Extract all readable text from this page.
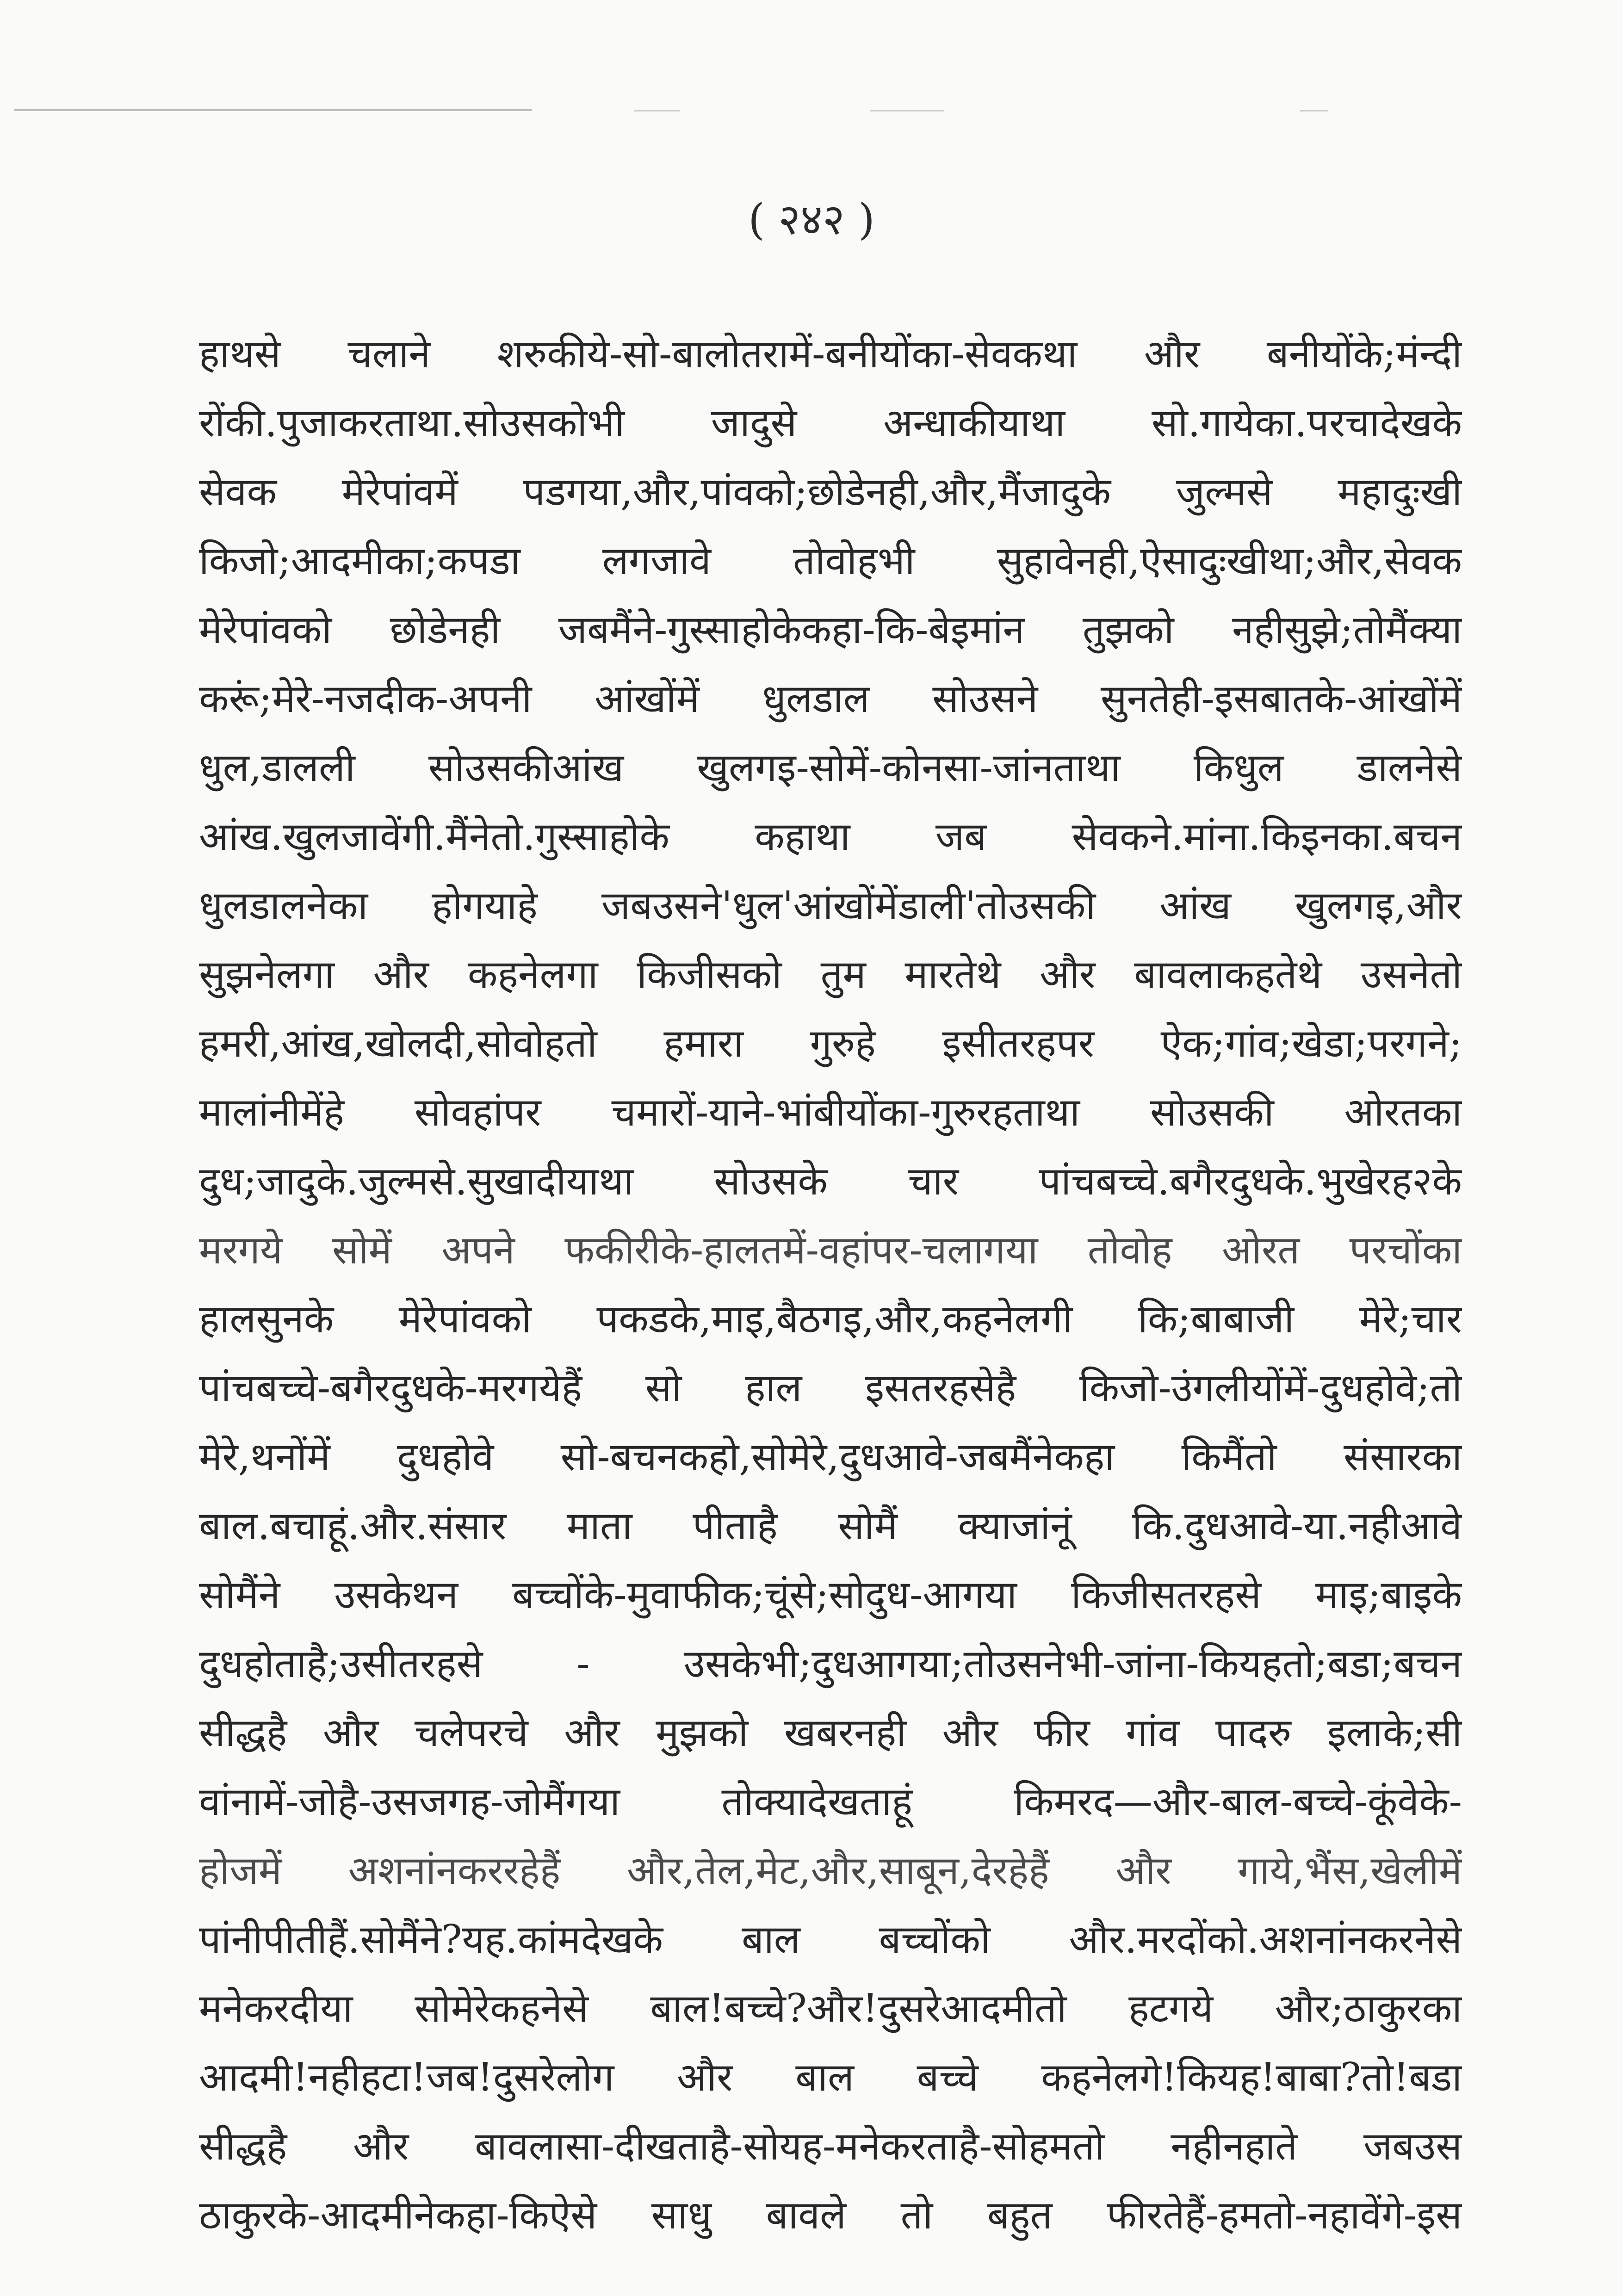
( २४२ )
हाथसे चलाने शरुकीये-सो-बालोतरामें-बनीयोंका-सेवकथा और बनीयोंके;मंन्दी
रोंकी.पुजाकरताथा.सोउसकोभी जादुसे अन्धाकीयाथा सो.गायेका.परचादेखके
सेवक मेरेपांवमें पडगया,और,पांवको;छोडेनही,और,मैंजादुके जुल्मसे महादुःखी
किजो;आदमीका;कपडा लगजावे तोवोहभी सुहावेनही,ऐसादुःखीथा;और,सेवक
मेरेपांवको छोडेनही जबमैंने-गुस्साहोकेकहा-कि-बेइमांन तुझको नहीसुझे;तोमैंक्या
करूं;मेरे-नजदीक-अपनी आंखोंमें धुलडाल सोउसने सुनतेही-इसबातके-आंखोंमें
धुल,डालली सोउसकीआंख खुलगइ-सोमें-कोनसा-जांनताथा किधुल डालनेसे
आंख.खुलजावेंगी.मैंनेतो.गुस्साहोके कहाथा जब सेवकने.मांना.किइनका.बचन
धुलडालनेका होगयाहे जबउसने'धुल'आंखोंमेंडाली'तोउसकी आंख खुलगइ,और
सुझनेलगा और कहनेलगा किजीसको तुम मारतेथे और बावलाकहतेथे उसनेतो
हमरी,आंख,खोलदी,सोवोहतो हमारा गुरुहे इसीतरहपर ऐक;गांव;खेडा;परगने;
मालांनीमेंहे सोवहांपर चमारों-याने-भांबीयोंका-गुरुरहताथा सोउसकी ओरतका
दुध;जादुके.जुल्मसे.सुखादीयाथा सोउसके चार पांचबच्चे.बगैरदुधके.भुखेरह२के
मरगये सोमें अपने फकीरीके-हालतमें-वहांपर-चलागया तोवोह ओरत परचोंका
हालसुनके मेरेपांवको पकडके,माइ,बैठगइ,और,कहनेलगी कि;बाबाजी मेरे;चार
पांचबच्चे-बगैरदुधके-मरगयेहैं सो हाल इसतरहसेहै किजो-उंगलीयोंमें-दुधहोवे;तो
मेरे,थनोंमें दुधहोवे सो-बचनकहो,सोमेरे,दुधआवे-जबमैंनेकहा किमैंतो संसारका
बाल.बचाहूं.और.संसार माता पीताहै सोमैं क्याजांनूं कि.दुधआवे-या.नहीआवे
सोमैंने उसकेथन बच्चोंके-मुवाफीक;चूंसे;सोदुध-आगया किजीसतरहसे माइ;बाइके
दुधहोताहै;उसीतरहसे - उसकेभी;दुधआगया;तोउसनेभी-जांना-कियहतो;बडा;बचन
सीद्धहै और चलेपरचे और मुझको खबरनही और फीर गांव पादरु इलाके;सी
वांनामें-जोहै-उसजगह-जोमैंगया तोक्यादेखताहूं किमरद—और-बाल-बच्चे-कूंवेके-
होजमें अशनांनकररहेहैं और,तेल,मेट,और,साबून,देरहेहैं और गाये,भैंस,खेलीमें
पांनीपीतीहैं.सोमैंने?यह.कांमदेखके बाल बच्चोंको और.मरदोंको.अशनांनकरनेसे
मनेकरदीया सोमेरेकहनेसे बाल!बच्चे?और!दुसरेआदमीतो हटगये और;ठाकुरका
आदमी!नहीहटा!जब!दुसरेलोग और बाल बच्चे कहनेलगे!कियह!बाबा?तो!बडा
सीद्धहै और बावलासा-दीखताहै-सोयह-मनेकरताहै-सोहमतो नहीनहाते जबउस
ठाकुरके-आदमीनेकहा-किऐसे साधु बावले तो बहुत फीरतेहैं-हमतो-नहावेंगे-इस
